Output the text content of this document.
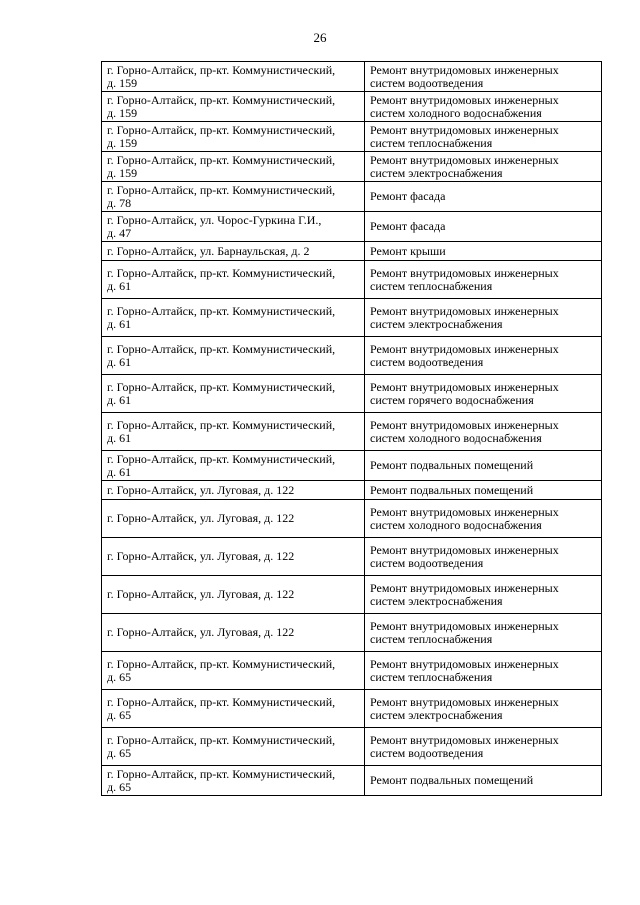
26
г. Горно-Алтайск, пр-кт. Коммунистический,
д. 159	Ремонт внутридомовых инженерных
систем водоотведения

г. Горно-Алтайск, пр-кт. Коммунистический,
д. 159	Ремонт внутридомовых инженерных
систем холодного водоснабжения

г. Горно-Алтайск, пр-кт. Коммунистический,
д. 159	Ремонт внутридомовых инженерных
систем теплоснабжения

г. Горно-Алтайск, пр-кт. Коммунистический,
д. 159	Ремонт внутридомовых инженерных
систем электроснабжения

г. Горно-Алтайск, пр-кт. Коммунистический,
д. 78	Ремонт фасада

г. Горно-Алтайск, ул. Чорос-Гуркина Г.И.,
д. 47	Ремонт фасада

г. Горно-Алтайск, ул. Барнаульская, д. 2	Ремонт крыши

г. Горно-Алтайск, пр-кт. Коммунистический,
д. 61	Ремонт внутридомовых инженерных
систем теплоснабжения

г. Горно-Алтайск, пр-кт. Коммунистический,
д. 61	Ремонт внутридомовых инженерных
систем электроснабжения

г. Горно-Алтайск, пр-кт. Коммунистический,
д. 61	Ремонт внутридомовых инженерных
систем водоотведения

г. Горно-Алтайск, пр-кт. Коммунистический,
д. 61	Ремонт внутридомовых инженерных
систем горячего водоснабжения

г. Горно-Алтайск, пр-кт. Коммунистический,
д. 61	Ремонт внутридомовых инженерных
систем холодного водоснабжения

г. Горно-Алтайск, пр-кт. Коммунистический,
д. 61	Ремонт подвальных помещений

г. Горно-Алтайск, ул. Луговая, д. 122	Ремонт подвальных помещений

г. Горно-Алтайск, ул. Луговая, д. 122	Ремонт внутридомовых инженерных
систем холодного водоснабжения

г. Горно-Алтайск, ул. Луговая, д. 122	Ремонт внутридомовых инженерных
систем водоотведения

г. Горно-Алтайск, ул. Луговая, д. 122	Ремонт внутридомовых инженерных
систем электроснабжения

г. Горно-Алтайск, ул. Луговая, д. 122	Ремонт внутридомовых инженерных
систем теплоснабжения

г. Горно-Алтайск, пр-кт. Коммунистический,
д. 65	Ремонт внутридомовых инженерных
систем теплоснабжения

г. Горно-Алтайск, пр-кт. Коммунистический,
д. 65	Ремонт внутридомовых инженерных
систем электроснабжения

г. Горно-Алтайск, пр-кт. Коммунистический,
д. 65	Ремонт внутридомовых инженерных
систем водоотведения

г. Горно-Алтайск, пр-кт. Коммунистический,
д. 65	Ремонт подвальных помещений
